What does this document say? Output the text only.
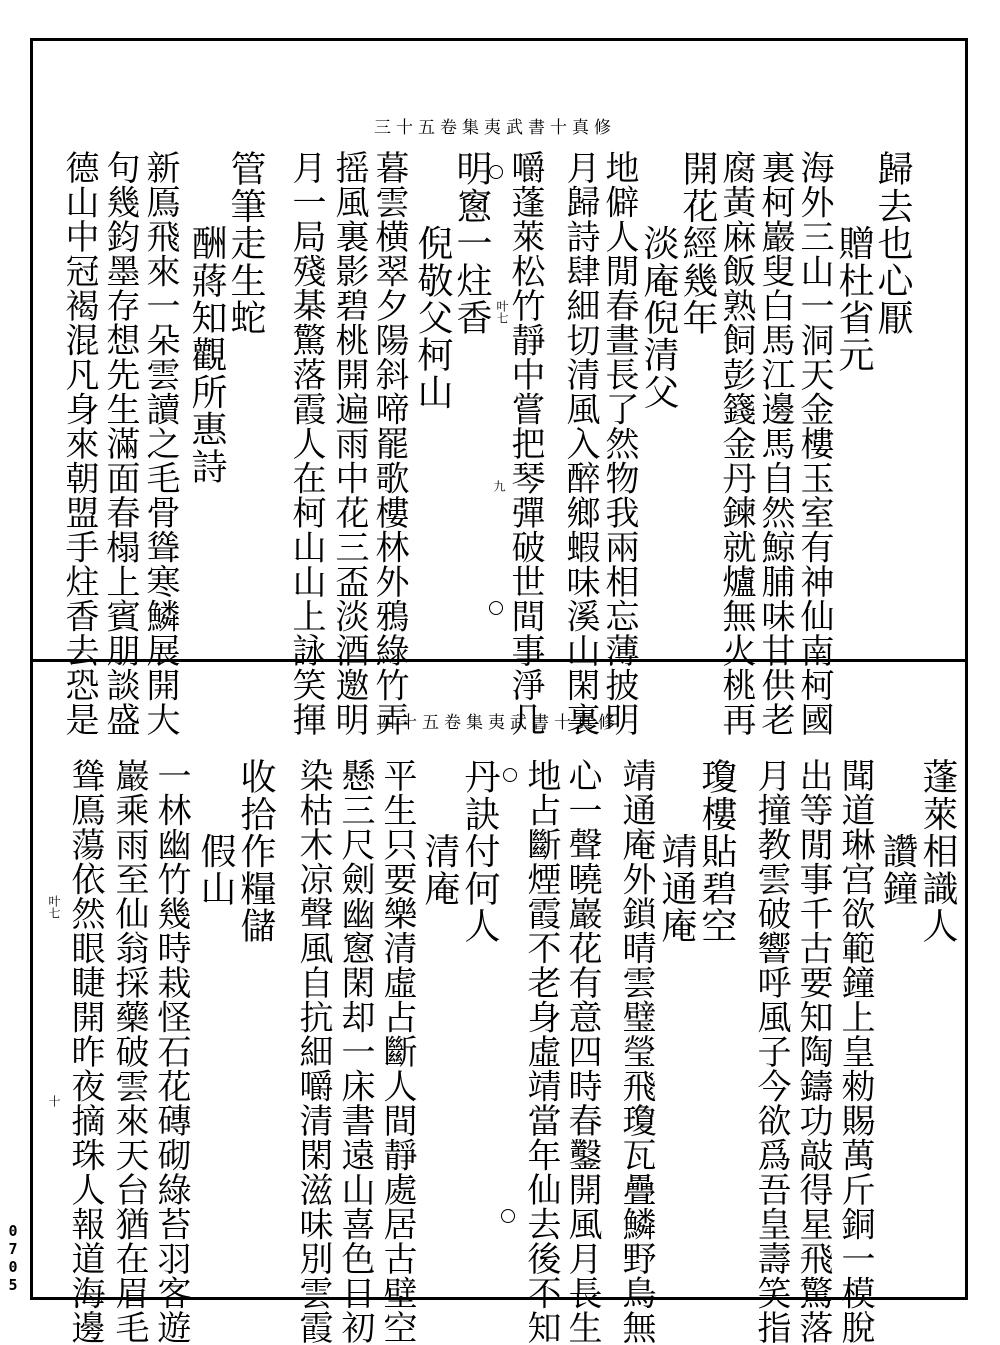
0
7
0
5
修真十書武夷集卷五十三
歸去也心厭
　　贈杜省元
海外三山一洞天金樓玉室有神仙南柯國
裏柯巖叟白馬江邊馬自然鯨脯味甘供老
腐黃麻飯熟飼彭籛金丹鍊就爐無火桃再
開花經幾年
　　淡庵倪清父
地僻人閒春晝長了然物我兩相忘薄披明
月歸詩肆細切清風入醉鄉蝦味溪山閑裏
嚼蓬萊松竹靜中嘗把琴彈破世間事淨几
明窻一炷香
　　倪敬父柯山
暮雲横翠夕陽斜啼罷歌樓林外鴉綠竹弄
摇風裏影碧桃開遍雨中花三盃淡酒邀明
月一局殘棊驚落霞人在柯山山上詠笑揮
管筆走生蛇
　　酬蔣知觀所惠詩
新鳫飛來一朵雲讀之毛骨聳寒鱗展開大
句幾鈞墨存想先生滿面春榻上賓朋談盛
德山中冠褐混凡身來朝盟手炷香去恐是	叶七
九
修真十書武夷集卷五十四
蓬萊相識人
　　讚鐘
聞道琳宫欲範鐘上皇勑賜萬斤銅一模脫
出等閒事千古要知陶鑄功敲得星飛驚落
月撞教雲破響呼風子今欲爲吾皇壽笑指
瓊樓貼碧空
　　靖通庵
靖通庵外鎖晴雲璧瑩飛瓊瓦疊鱗野鳥無
心一聲曉巖花有意四時春鑿開風月長生
地占斷煙霞不老身虛靖當年仙去後不知
丹訣付何人
　　清庵
平生只要樂清虛占斷人間靜處居古壁空
懸三尺劍幽窻閑却一床書遠山喜色日初
染枯木凉聲風自抗細嚼清閑滋味別雲霞
收拾作糧儲
　　假山
一林幽竹幾時栽怪石花磚砌綠苔羽客遊
巖乘雨至仙翁採藥破雲來天台猶在眉毛
聳鳫蕩依然眼睫開昨夜摘珠人報道海邊
叶七
十
